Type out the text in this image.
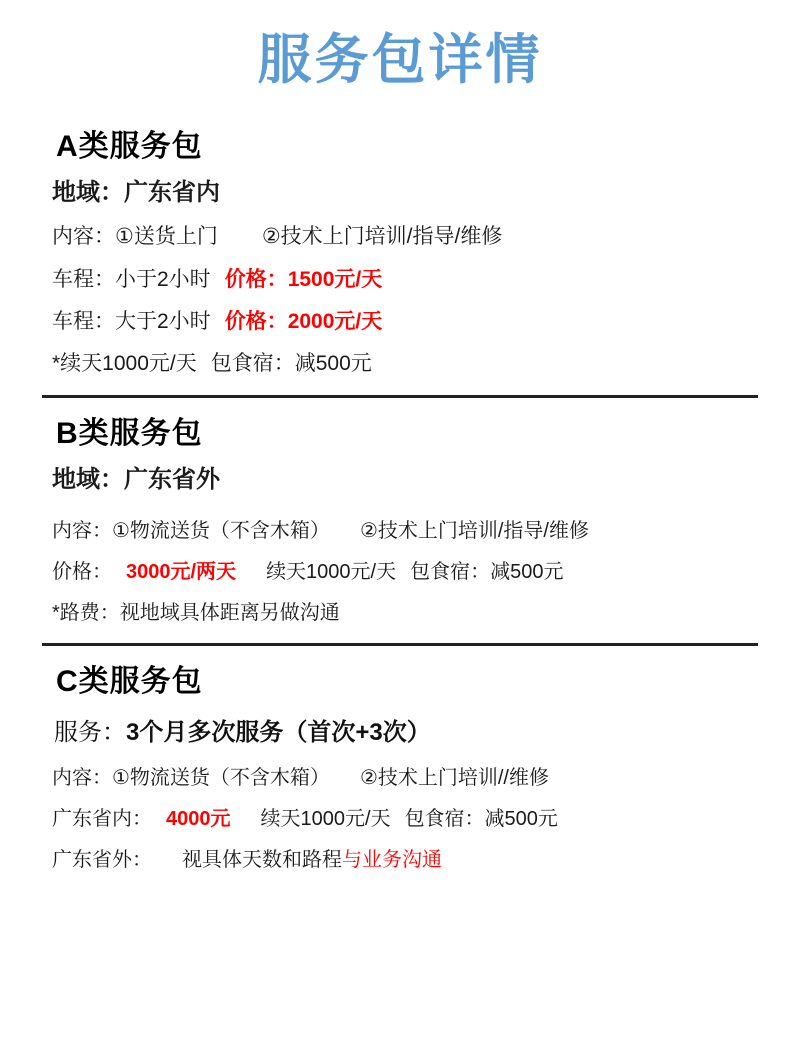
服务包详情
A类服务包
地域：广东省内
内容：①送货上门 ②技术上门培训/指导/维修
车程：小于2小时 价格：1500元/天
车程：大于2小时 价格：2000元/天
*续天1000元/天 包食宿：减500元
B类服务包
地域：广东省外
内容：①物流送货（不含木箱） ②技术上门培训/指导/维修
价格： 3000元/两天 续天1000元/天 包食宿：减500元
*路费：视地域具体距离另做沟通
C类服务包
服务：3个月多次服务（首次+3次）
内容：①物流送货（不含木箱） ②技术上门培训//维修
广东省内： 4000元 续天1000元/天 包食宿：减500元
广东省外： 视具体天数和路程与业务沟通
